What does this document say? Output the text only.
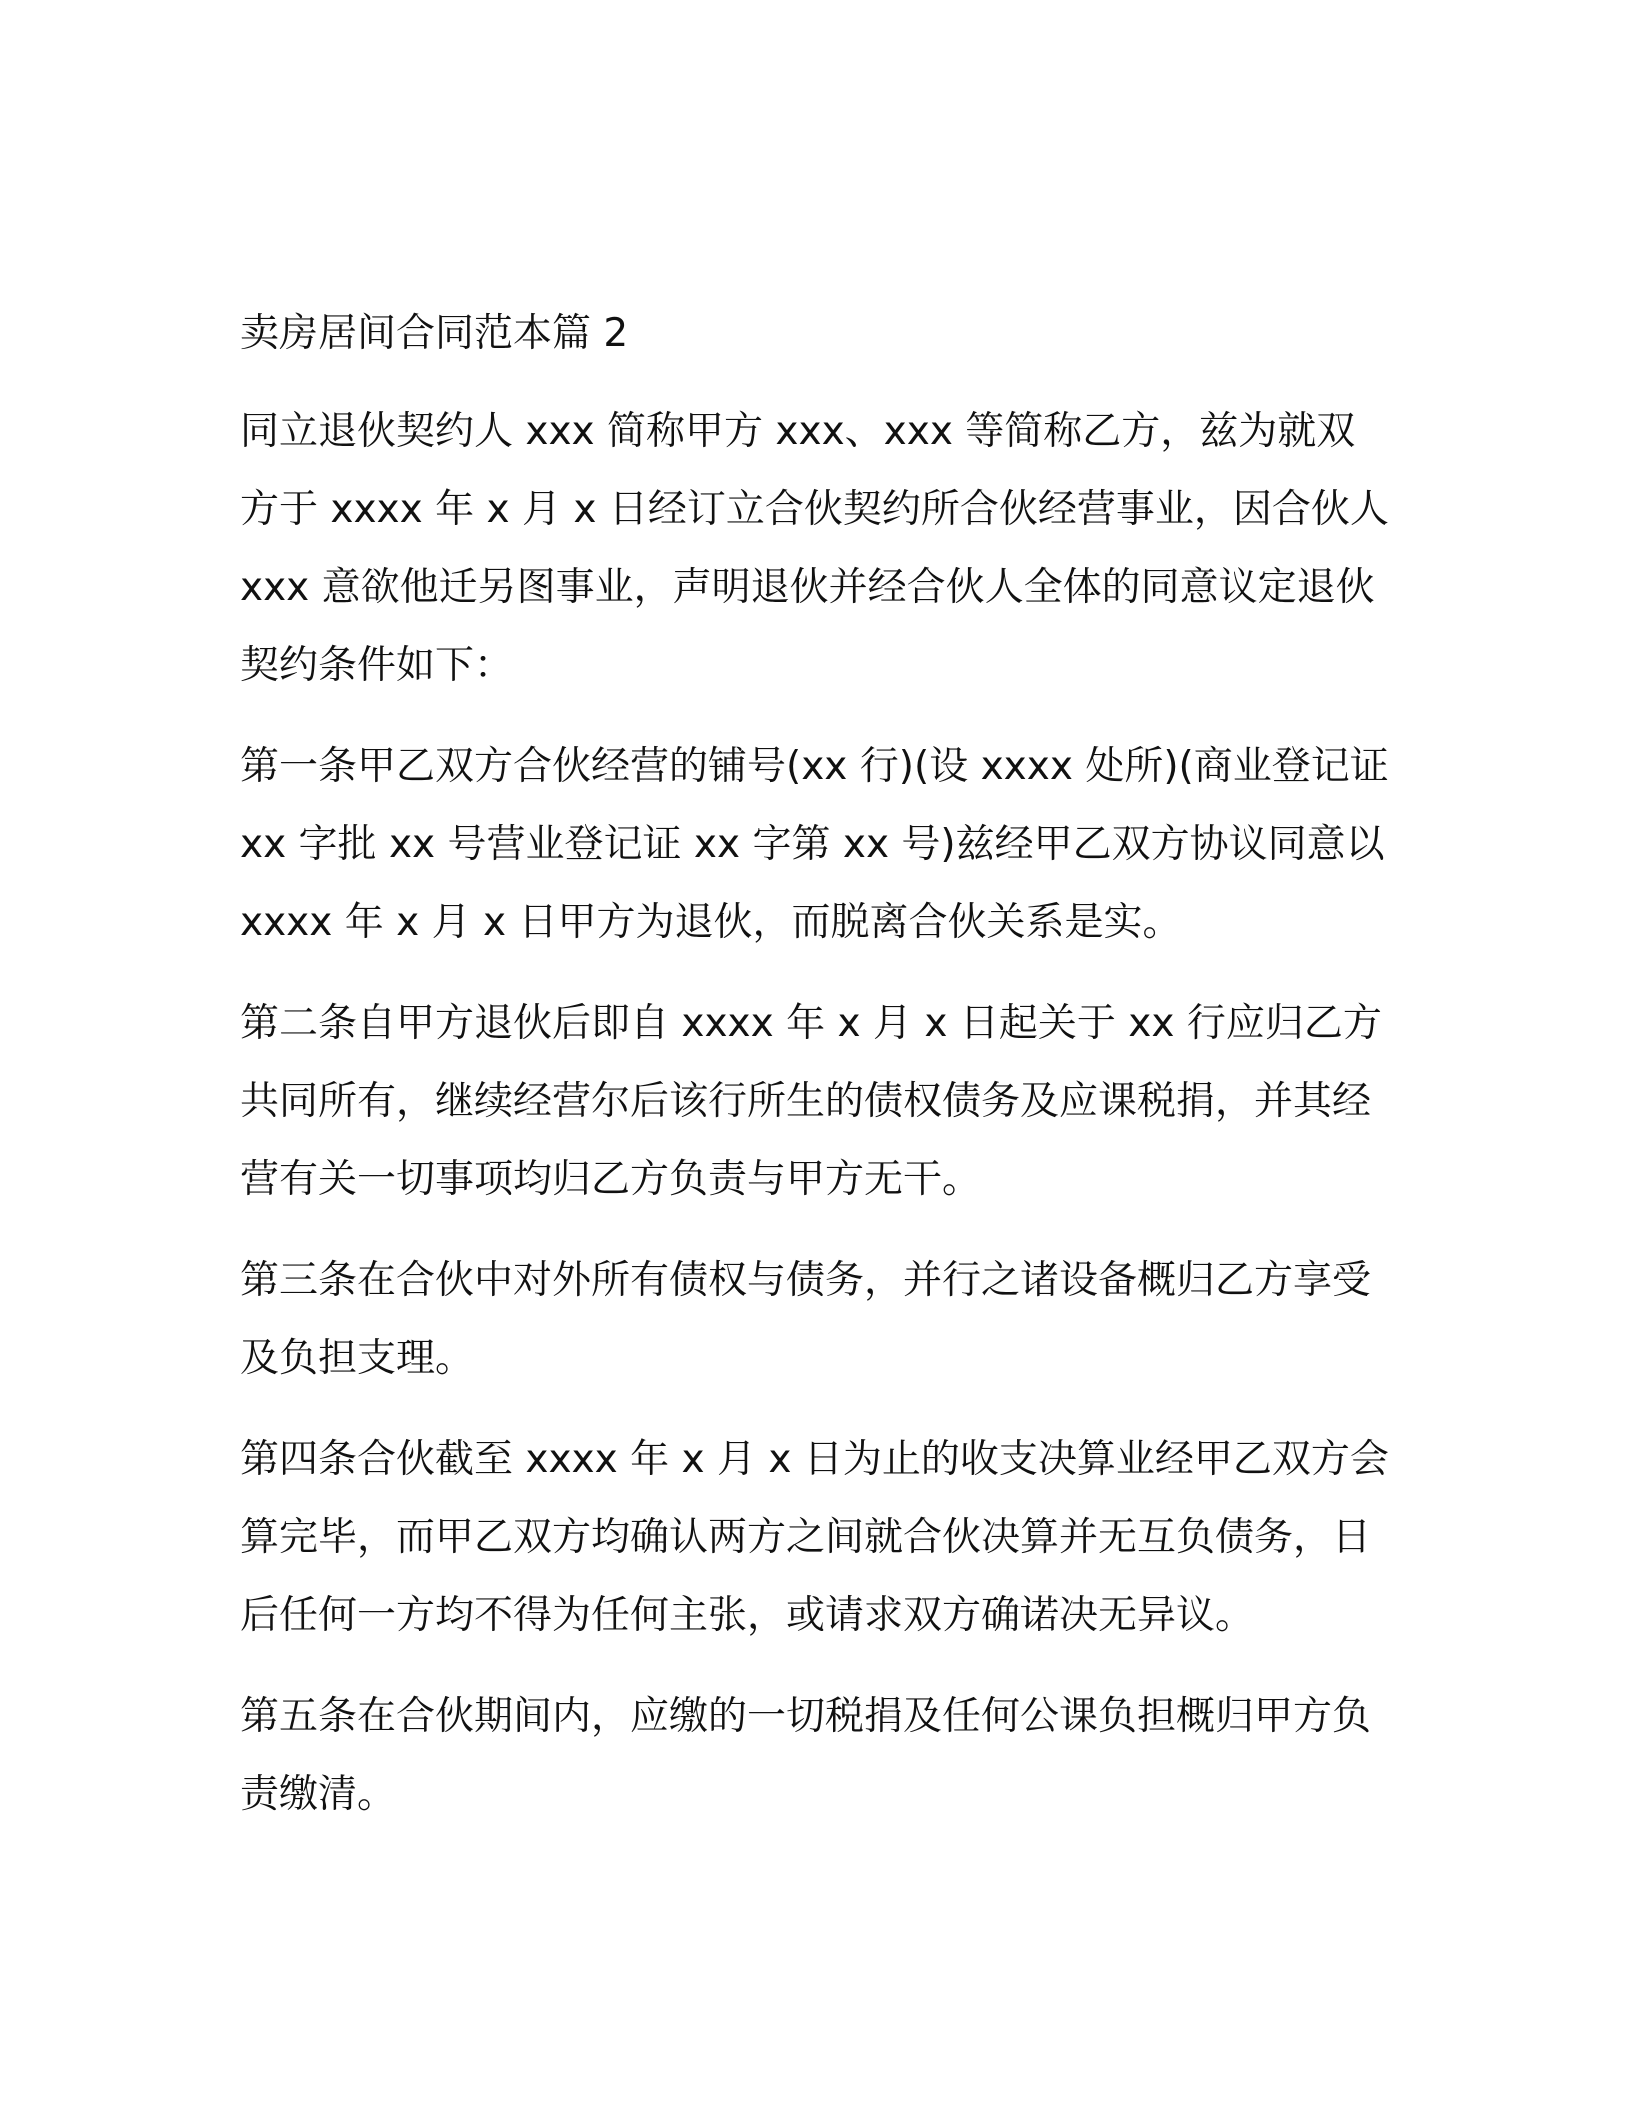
卖房居间合同范本篇 2
同立退伙契约人 xxx 简称甲方 xxx、xxx 等简称乙方，兹为就双方于 xxxx 年 x 月 x 日经订立合伙契约所合伙经营事业，因合伙人 xxx 意欲他迁另图事业，声明退伙并经合伙人全体的同意议定退伙契约条件如下：
第一条甲乙双方合伙经营的铺号(xx 行)(设 xxxx 处所)(商业登记证 xx 字批 xx 号营业登记证 xx 字第 xx 号)兹经甲乙双方协议同意以 xxxx 年 x 月 x 日甲方为退伙，而脱离合伙关系是实。
第二条自甲方退伙后即自 xxxx 年 x 月 x 日起关于 xx 行应归乙方共同所有，继续经营尔后该行所生的债权债务及应课税捐，并其经营有关一切事项均归乙方负责与甲方无干。
第三条在合伙中对外所有债权与债务，并行之诸设备概归乙方享受及负担支理。
第四条合伙截至 xxxx 年 x 月 x 日为止的收支决算业经甲乙双方会算完毕，而甲乙双方均确认两方之间就合伙决算并无互负债务，日后任何一方均不得为任何主张，或请求双方确诺决无异议。
第五条在合伙期间内，应缴的一切税捐及任何公课负担概归甲方负责缴清。
